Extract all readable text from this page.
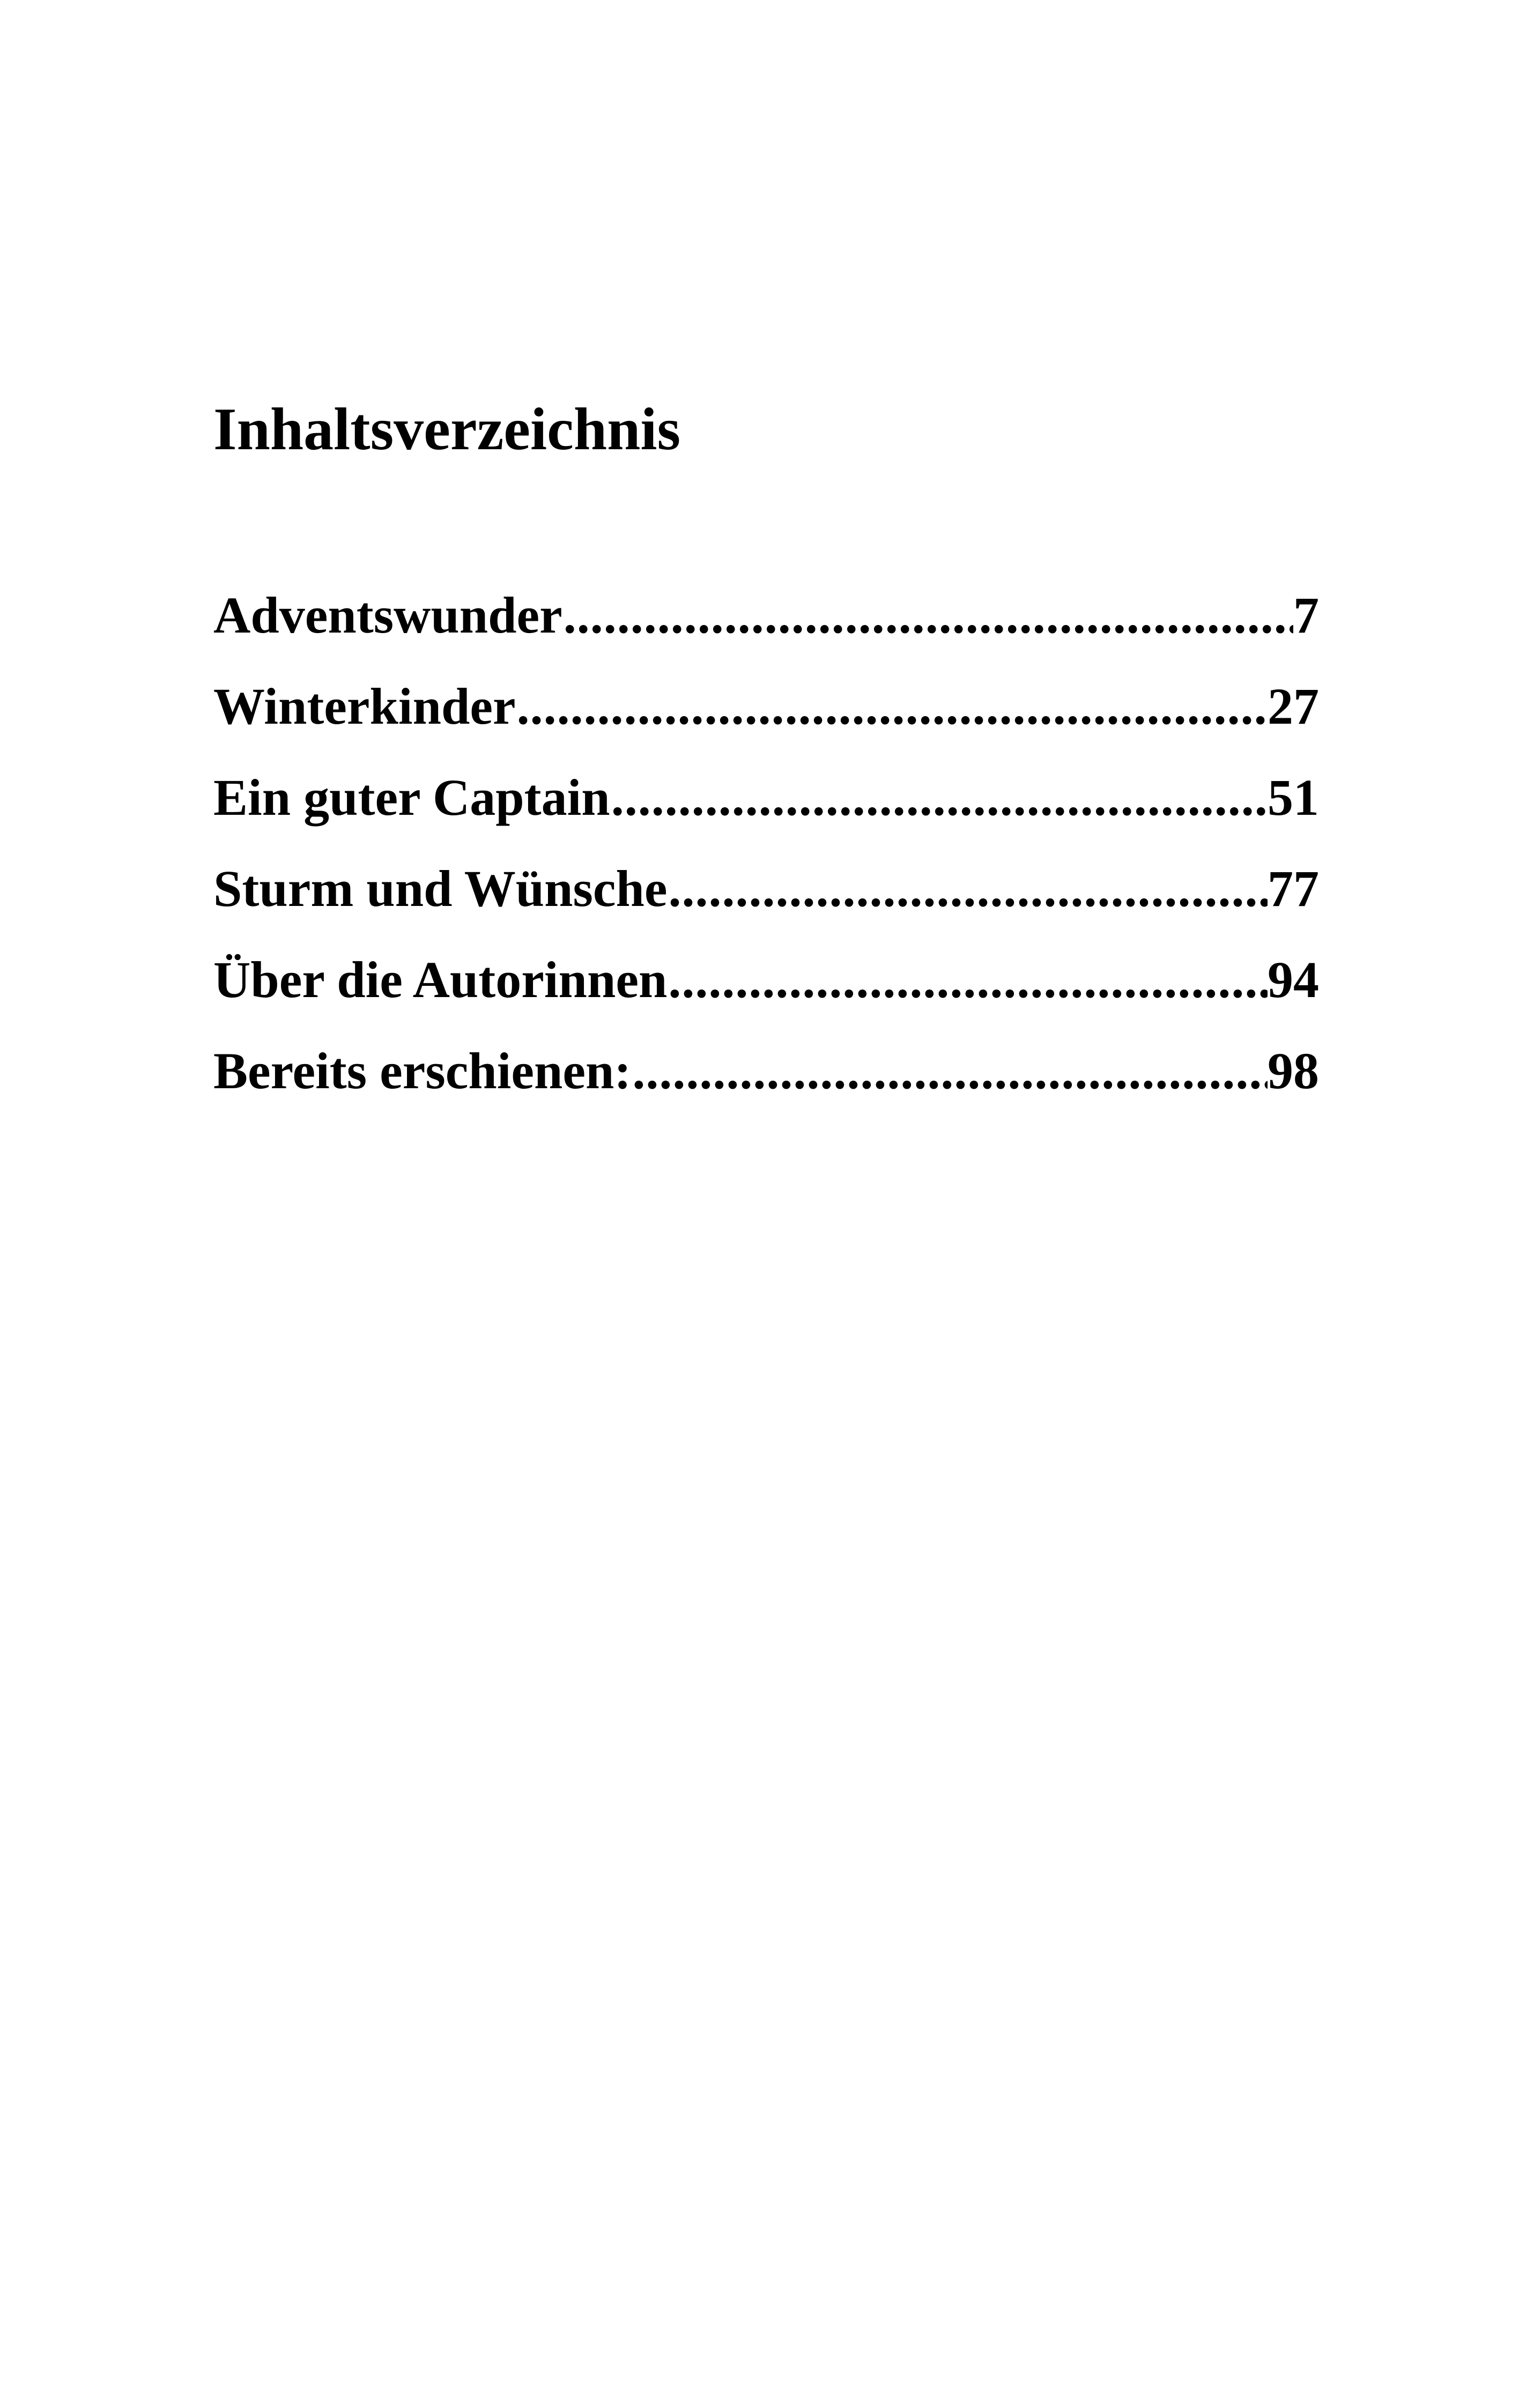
Inhaltsverzeichnis
Adventswunder .....	7
Winterkinder .....	27
Ein guter Captain .....	51
Sturm und Wünsche .....	77
Über die Autorinnen .....	94
Bereits erschienen: .....	98
